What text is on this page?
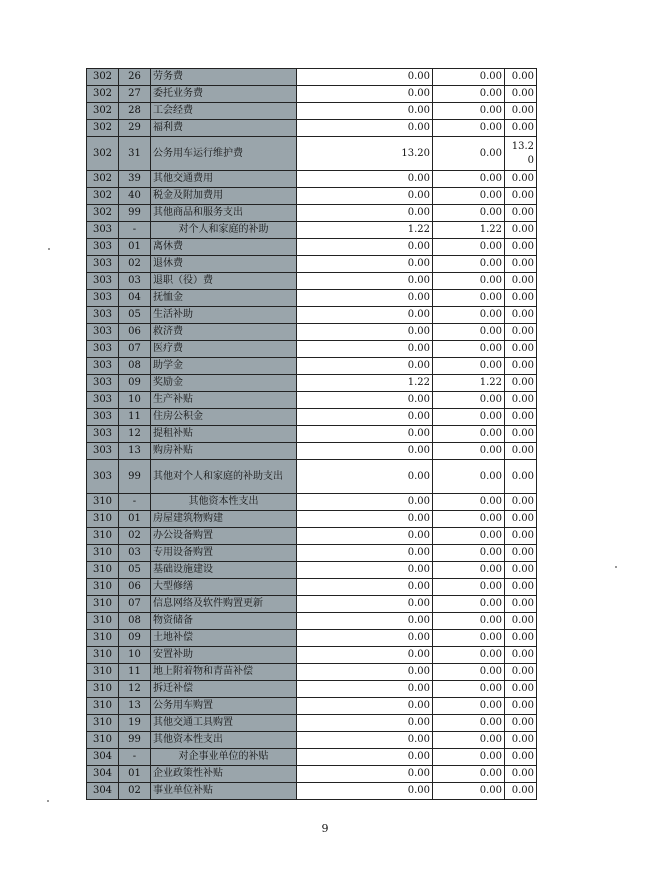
302	26	劳务费	0.00	0.00	0.00
302	27	委托业务费	0.00	0.00	0.00
302	28	工会经费	0.00	0.00	0.00
302	29	福利费	0.00	0.00	0.00
302	31	公务用车运行维护费	13.20	0.00	13.20
302	39	其他交通费用	0.00	0.00	0.00
302	40	税金及附加费用	0.00	0.00	0.00
302	99	其他商品和服务支出	0.00	0.00	0.00
303	-	对个人和家庭的补助	1.22	1.22	0.00
303	01	离休费	0.00	0.00	0.00
303	02	退休费	0.00	0.00	0.00
303	03	退职（役）费	0.00	0.00	0.00
303	04	抚恤金	0.00	0.00	0.00
303	05	生活补助	0.00	0.00	0.00
303	06	救济费	0.00	0.00	0.00
303	07	医疗费	0.00	0.00	0.00
303	08	助学金	0.00	0.00	0.00
303	09	奖励金	1.22	1.22	0.00
303	10	生产补贴	0.00	0.00	0.00
303	11	住房公积金	0.00	0.00	0.00
303	12	提租补贴	0.00	0.00	0.00
303	13	购房补贴	0.00	0.00	0.00
303	99	其他对个人和家庭的补助支出	0.00	0.00	0.00
310	-	其他资本性支出	0.00	0.00	0.00
310	01	房屋建筑物购建	0.00	0.00	0.00
310	02	办公设备购置	0.00	0.00	0.00
310	03	专用设备购置	0.00	0.00	0.00
310	05	基础设施建设	0.00	0.00	0.00
310	06	大型修缮	0.00	0.00	0.00
310	07	信息网络及软件购置更新	0.00	0.00	0.00
310	08	物资储备	0.00	0.00	0.00
310	09	土地补偿	0.00	0.00	0.00
310	10	安置补助	0.00	0.00	0.00
310	11	地上附着物和青苗补偿	0.00	0.00	0.00
310	12	拆迁补偿	0.00	0.00	0.00
310	13	公务用车购置	0.00	0.00	0.00
310	19	其他交通工具购置	0.00	0.00	0.00
310	99	其他资本性支出	0.00	0.00	0.00
304	-	对企事业单位的补贴	0.00	0.00	0.00
304	01	企业政策性补贴	0.00	0.00	0.00
304	02	事业单位补贴	0.00	0.00	0.00
9
